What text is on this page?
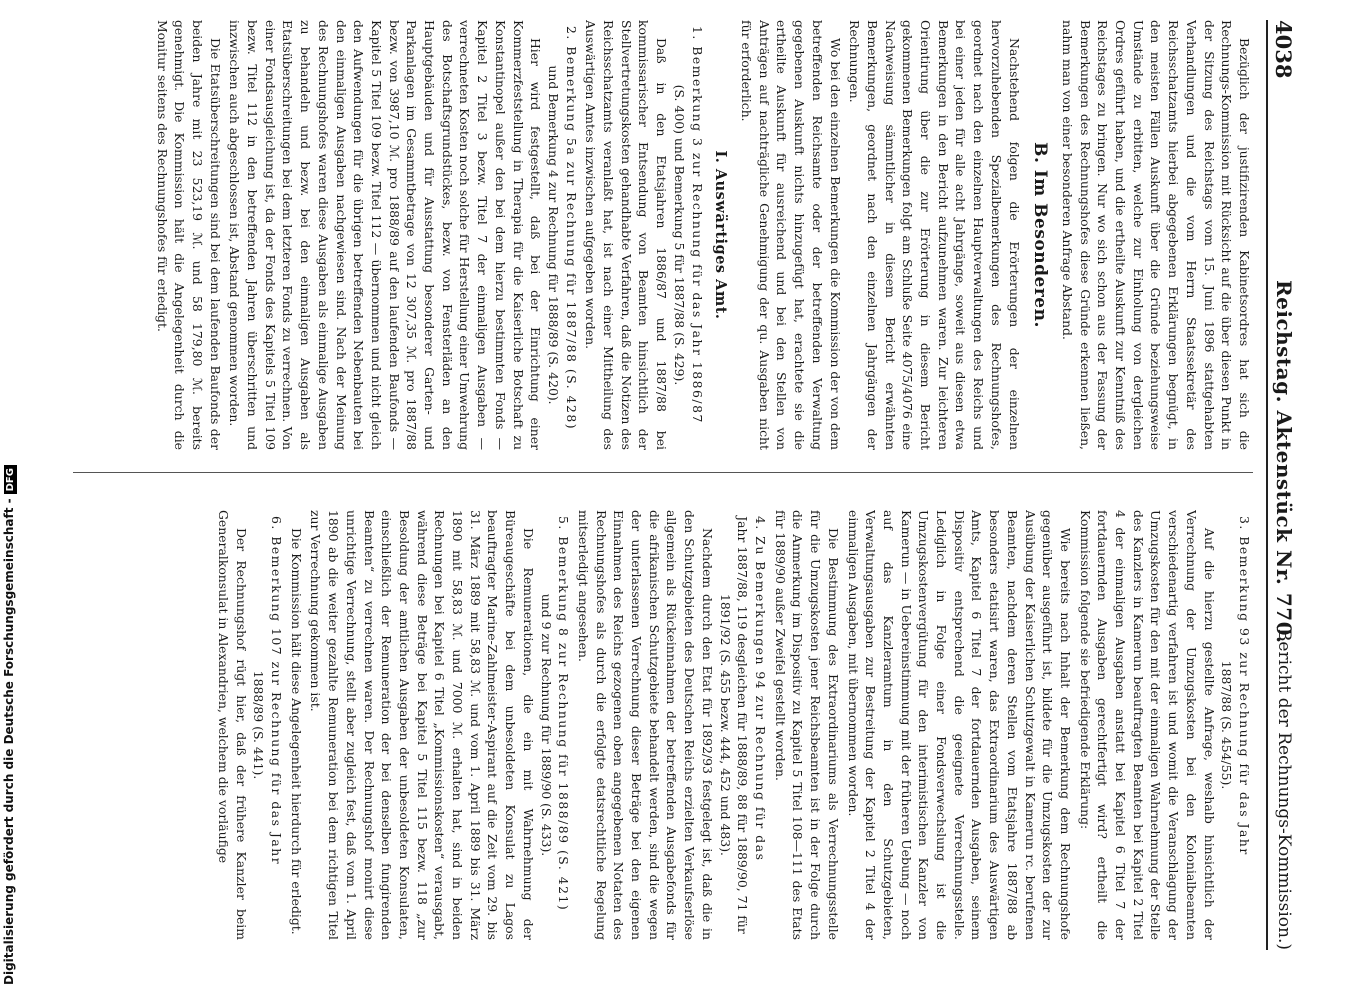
4038
Reichstag. Aktenstück Nr. 770.
(Bericht der Rechnungs-Kommission.)

Bezüglich der justifizirenden Kabinetsordres hat sich die Rechnungs-Kommission mit Rücksicht auf die über diesen Punkt in der Sitzung des Reichstags vom 15. Juni 1896 stattgehabten Verhandlungen und die vom Herrn Staatssekretär des Reichsschatzamts hierbei abgegebenen Erklärungen begnügt, in den meisten Fällen Auskunft über die Gründe beziehungsweise Umstände zu erbitten, welche zur Einholung von dergleichen Ordres geführt haben, und die ertheilte Auskunft zur Kenntniß des Reichstages zu bringen. Nur wo sich schon aus der Fassung der Bemerkungen des Rechnungshofes diese Gründe erkennen ließen, nahm man von einer besonderen Anfrage Abstand.

B. Im Besonderen.

Nachstehend folgen die Erörterungen der einzelnen hervorzuhebenden Spezialbemerkungen des Rechnungshofes, geordnet nach den einzelnen Hauptverwaltungen des Reichs und bei einer jeden für alle acht Jahrgänge, soweit aus diesen etwa Bemerkungen in den Bericht aufzunehmen waren. Zur leichteren Orientirung über die zur Erörterung in diesem Bericht gekommenen Bemerkungen folgt am Schluße Seite 4075/4076 eine Nachweisung sämmtlicher in diesem Bericht erwähnten Bemerkungen, geordnet nach den einzelnen Jahrgängen der Rechnungen.

Wo bei den einzelnen Bemerkungen die Kommission der von dem betreffenden Reichsamte oder der betreffenden Verwaltung gegebenen Auskunft nichts hinzugefügt hat, erachtete sie die ertheilte Auskunft für ausreichend und bei den Stellen von Anträgen auf nachträgliche Genehmigung der qu. Ausgaben nicht für erforderlich.

I. Auswärtiges Amt.
1. Bemerkung 3 zur Rechnung für das Jahr 1886/87
(S. 400) und Bemerkung 5 für 1887/88 (S. 429).

Daß in den Etatsjahren 1886/87 und 1887/88 bei kommissarischer Entsendung von Beamten hinsichtlich der Stellvertretungskosten gehandhabte Verfahren, daß die Notizen des Reichsschatzamts veranlaßt hat, ist nach einer Mittheilung des Auswärtigen Amtes inzwischen aufgegeben worden.

2. Bemerkung 5a zur Rechnung für 1887/88 (S. 428)
und Bemerkung 4 zur Rechnung für 1888/89 (S. 420).

Hier wird festgestellt, daß bei der Einrichtung einer Kommerzfeststellung in Therapia für die Kaiserliche Botschaft zu Konstantinopel außer den bei dem hierzu bestimmten Fonds — Kapitel 2 Titel 3 bezw. Titel 7 der einmaligen Ausgaben — verrechneten Kosten noch solche für Herstellung einer Umwehrung des Botschaftsgrundstückes, bezw. von Fensterläden an den Hauptgebäuden und für Ausstattung besonderer Garten- und Parkanlagen im Gesammtbetrage von 12 307,35 ℳ. pro 1887/88 bezw. von 3987,10 ℳ. pro 1888/89 auf den laufenden Baufonds — Kapitel 5 Titel 109 bezw. Titel 112 — übernommen und nicht gleich den Aufwendungen für die übrigen betreffenden Nebenbauten bei den einmaligen Ausgaben nachgewiesen sind. Nach der Meinung des Rechnungshofes waren diese Ausgaben als einmalige Ausgaben zu behandeln und bezw. bei den einmaligen Ausgaben als Etatsüberschreitungen bei dem letzteren Fonds zu verrechnen. Von einer Fondsausgleichung ist, da der Fonds des Kapitels 5 Titel 109 bezw. Titel 112 in den betreffenden Jahren überschritten und inzwischen auch abgeschlossen ist, Abstand genommen worden.

Die Etatsüberschreitungen sind bei dem laufenden Baufonds der beiden Jahre mit 23 523,19 ℳ. und 58 179,80 ℳ. bereits genehmigt. Die Kommission hält die Angelegenheit durch die Monitur seitens des Rechnungshofes für erledigt.

3. Bemerkung 93 zur Rechnung für das Jahr
1887/88 (S. 454/55).

Auf die hierzu gestellte Anfrage, weshalb hinsichtlich der Verrechnung der Umzugskosten bei den Kolonialbeamten verschiedenartig verfahren ist und womit die Veranschlagung der Umzugskosten für den mit der einmaligen Wahrnehmung der Stelle des Kanzlers in Kamerun beauftragten Beamten bei Kapitel 2 Titel 4 der einmaligen Ausgaben anstatt bei Kapitel 6 Titel 7 der fortdauernden Ausgaben gerechtfertigt wird? ertheilt die Kommission folgende sie befriedigende Erklärung:

Wie bereits nach Inhalt der Bemerkung dem Rechnungshofe gegenüber ausgeführt ist, bildete für die Umzugskosten der zur Ausübung der Kaiserlichen Schutzgewalt in Kamerun rc. berufenen Beamten, nachdem deren Stellen vom Etatsjahre 1887/88 ab besonders etatisirt waren, das Extraordinarium des Auswärtigen Amts, Kapitel 6 Titel 7 der fortdauernden Ausgaben, seinem Dispositiv entsprechend die geeignete Verrechnungsstelle. Lediglich in Folge einer Fondsverwechslung ist die Umzugskostenvergütung für den interimistischen Kanzler von Kamerun — in Uebereinstimmung mit der früheren Uebung — noch auf das Kanzleramtum in den Schutzgebieten, Verwaltungsausgaben zur Bestreitung der Kapitel 2 Titel 4 der einmaligen Ausgaben, mit übernommen worden.

Die Bestimmung des Extraordinariums als Verrechnungsstelle für die Umzugskosten jener Reichsbeamten ist in der Folge durch die Anmerkung im Dispositiv zu Kapitel 5 Titel 108—111 des Etats für 1889/90 außer Zweifel gestellt worden.

4. Zu Bemerkungen 94 zur Rechnung für das
Jahr 1887/88, 119 desgleichen für 1888/89, 88 für 1889/90, 71 für 1891/92 (S. 455 bezw. 444, 452 und 483).

Nachdem durch den Etat für 1892/93 festgelegt ist, daß die in den Schutzgebieten des Deutschen Reichs erzielten Verkaufserlöse allgemein als Rückeinnahmen der betreffenden Ausgabefonds für die afrikanischen Schutzgebiete behandelt werden, sind die wegen der unterlassenen Verrechnung dieser Beträge bei den eigenen Einnahmen des Reichs gezogenen oben angegebenen Notaten des Rechnungshofes als durch die erfolgte etatsrechtliche Regelung mitserledigt angesehen.

5. Bemerkung 8 zur Rechnung für 1888/89 (S. 421)
und 9 zur Rechnung für 1889/90 (S. 433).

Die Remunerationen, die ein mit Wahrnehmung der Büreaugeschäfte bei dem unbesoldeten Konsulat zu Lagos beauftragter Marine-Zahlmeister-Aspirant auf die Zeit vom 29. bis 31. März 1889 mit 58,83 ℳ. und vom 1. April 1889 bis 31. März 1890 mit 58,83 ℳ. und 7000 ℳ. erhalten hat, sind in beiden Rechnungen bei Kapitel 6 Titel „Kommissionskosten“ verausgabt, während diese Beträge bei Kapitel 5 Titel 115 bezw. 118 „zur Besoldung der amtlichen Ausgaben der unbesoldeten Konsulaten, einschließlich der Remuneration der bei denselben fungirenden Beamten“ zu verrechnen waren. Der Rechnungshof monirt diese unrichtige Verrechnung, stellt aber zugleich fest, daß vom 1. April 1890 ab die weiter gezahlte Remuneration bei dem richtigen Titel zur Verrechnung gekommen ist.

Die Kommission hält diese Angelegenheit hierdurch für erledigt.

6. Bemerkung 107 zur Rechnung für das Jahr
1888/89 (S. 441).

Der Rechnungshof rügt hier, daß der frühere Kanzler beim Generalkonsulat in Alexandrien, welchem die vorläufige

Digitalisierung gefördert durch die Deutsche Forschungsgemeinschaft -DFG
